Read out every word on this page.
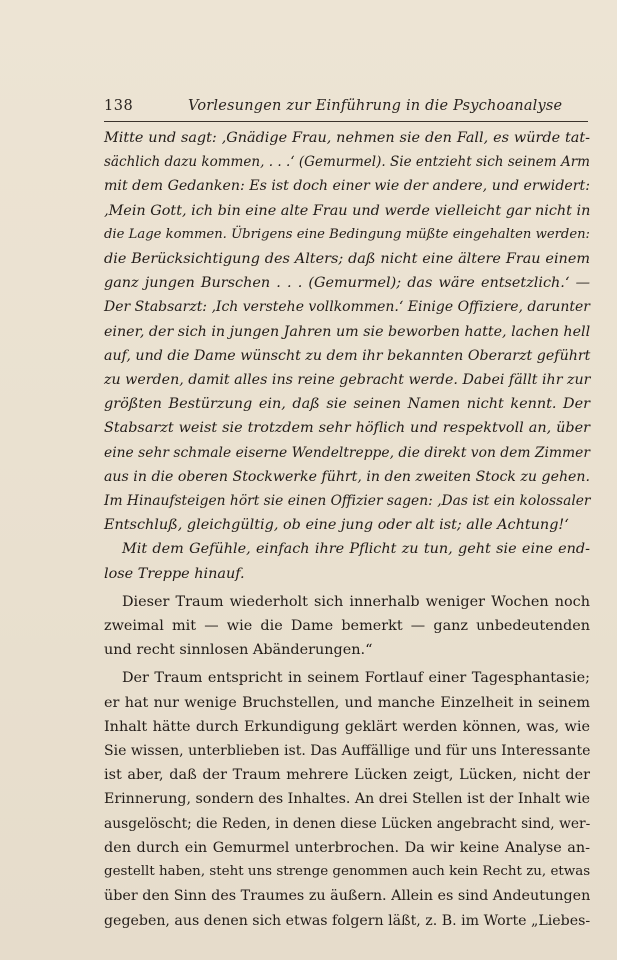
138	Vorlesungen zur Einführung in die Psychoanalyse
Mitte und sagt: ‚Gnädige Frau, nehmen sie den Fall, es würde tat-
sächlich dazu kommen, . . .‘ (Gemurmel). Sie entzieht sich seinem Arm
mit dem Gedanken: Es ist doch einer wie der andere, und erwidert:
‚Mein Gott, ich bin eine alte Frau und werde vielleicht gar nicht in
die Lage kommen. Übrigens eine Bedingung müßte eingehalten werden:
die Berücksichtigung des Alters; daß nicht eine ältere Frau einem
ganz jungen Burschen . . . (Gemurmel); das wäre entsetzlich.‘ —
Der Stabsarzt: ‚Ich verstehe vollkommen.‘ Einige Offiziere, darunter
einer, der sich in jungen Jahren um sie beworben hatte, lachen hell
auf, und die Dame wünscht zu dem ihr bekannten Oberarzt geführt
zu werden, damit alles ins reine gebracht werde. Dabei fällt ihr zur
größten Bestürzung ein, daß sie seinen Namen nicht kennt. Der
Stabsarzt weist sie trotzdem sehr höflich und respektvoll an, über
eine sehr schmale eiserne Wendeltreppe, die direkt von dem Zimmer
aus in die oberen Stockwerke führt, in den zweiten Stock zu gehen.
Im Hinaufsteigen hört sie einen Offizier sagen: ‚Das ist ein kolossaler
Entschluß, gleichgültig, ob eine jung oder alt ist; alle Achtung!‘
Mit dem Gefühle, einfach ihre Pflicht zu tun, geht sie eine end-
lose Treppe hinauf.
Dieser Traum wiederholt sich innerhalb weniger Wochen noch
zweimal mit — wie die Dame bemerkt — ganz unbedeutenden
und recht sinnlosen Abänderungen.“
Der Traum entspricht in seinem Fortlauf einer Tagesphantasie;
er hat nur wenige Bruchstellen, und manche Einzelheit in seinem
Inhalt hätte durch Erkundigung geklärt werden können, was, wie
Sie wissen, unterblieben ist. Das Auffällige und für uns Interessante
ist aber, daß der Traum mehrere Lücken zeigt, Lücken, nicht der
Erinnerung, sondern des Inhaltes. An drei Stellen ist der Inhalt wie
ausgelöscht; die Reden, in denen diese Lücken angebracht sind, wer-
den durch ein Gemurmel unterbrochen. Da wir keine Analyse an-
gestellt haben, steht uns strenge genommen auch kein Recht zu, etwas
über den Sinn des Traumes zu äußern. Allein es sind Andeutungen
gegeben, aus denen sich etwas folgern läßt, z. B. im Worte „Liebes-
